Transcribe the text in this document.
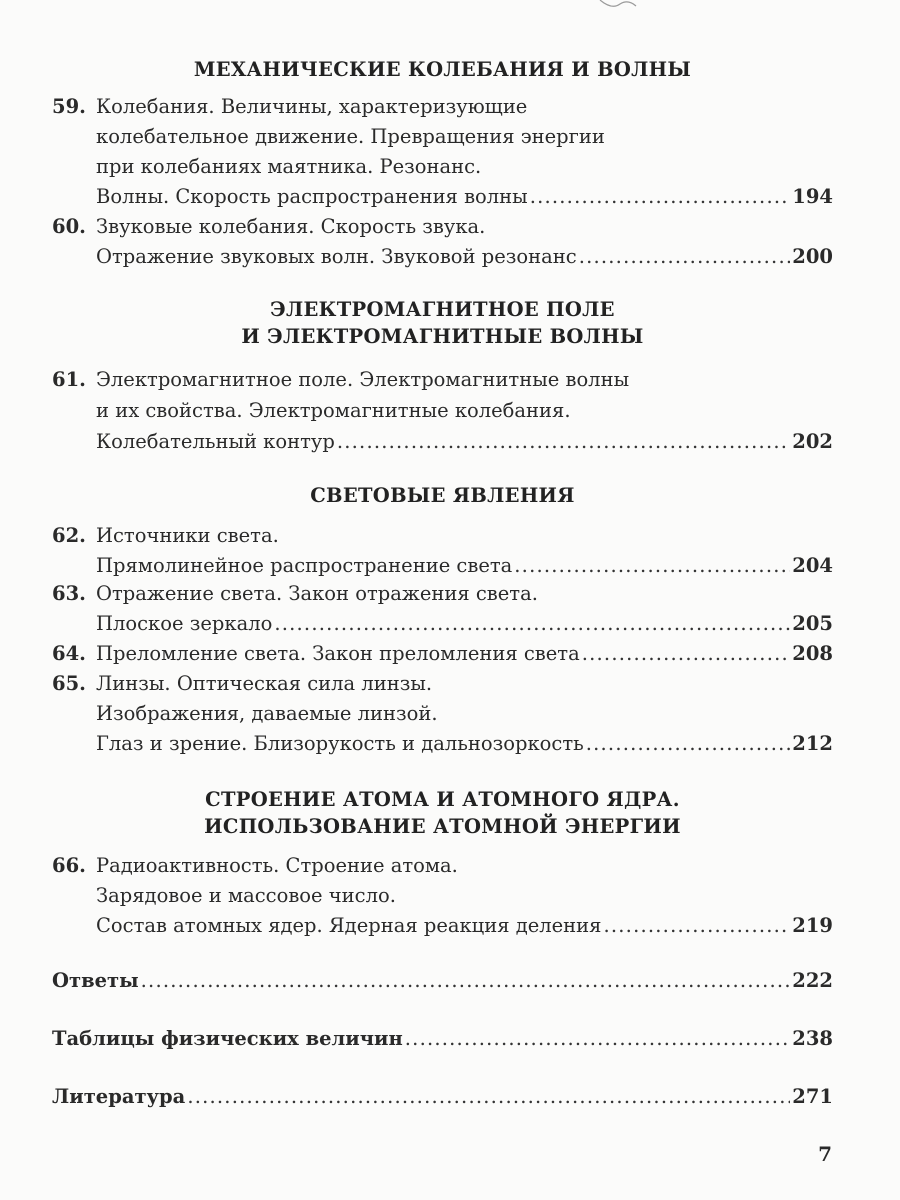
МЕХАНИЧЕСКИЕ КОЛЕБАНИЯ И ВОЛНЫ
59. Колебания. Величины, характеризующие
колебательное движение. Превращения энергии
при колебаниях маятника. Резонанс.
Волны. Скорость распространения волны .....	194
60. Звуковые колебания. Скорость звука.
Отражение звуковых волн. Звуковой резонанс .....	200
ЭЛЕКТРОМАГНИТНОЕ ПОЛЕ
И ЭЛЕКТРОМАГНИТНЫЕ ВОЛНЫ
61. Электромагнитное поле. Электромагнитные волны
и их свойства. Электромагнитные колебания.
Колебательный контур .....	202
СВЕТОВЫЕ ЯВЛЕНИЯ
62. Источники света.
Прямолинейное распространение света .....	204
63. Отражение света. Закон отражения света.
Плоское зеркало .....	205
64. Преломление света. Закон преломления света .....	208
65. Линзы. Оптическая сила линзы.
Изображения, даваемые линзой.
Глаз и зрение. Близорукость и дальнозоркость .....	212
СТРОЕНИЕ АТОМА И АТОМНОГО ЯДРА.
ИСПОЛЬЗОВАНИЕ АТОМНОЙ ЭНЕРГИИ
66. Радиоактивность. Строение атома.
Зарядовое и массовое число.
Состав атомных ядер. Ядерная реакция деления .....	219
Ответы .....	222
Таблицы физических величин .....	238
Литература .....	271
7
